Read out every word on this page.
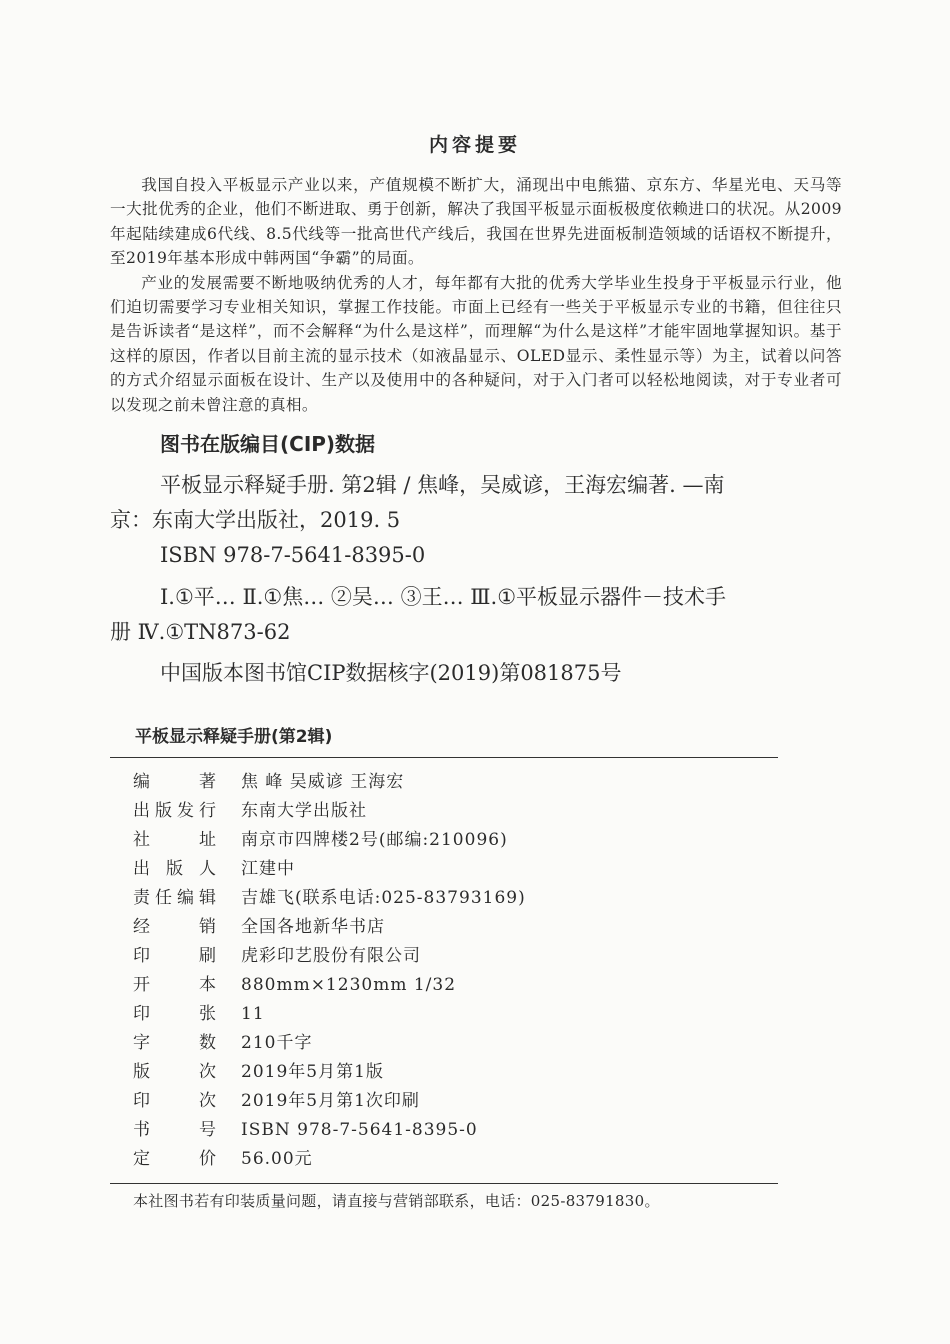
内容提要

我国自投入平板显示产业以来，产值规模不断扩大，涌现出中电熊猫、京东方、华星光电、天马等一大批优秀的企业，他们不断进取、勇于创新，解决了我国平板显示面板极度依赖进口的状况。从2009年起陆续建成6代线、8.5代线等一批高世代产线后，我国在世界先进面板制造领域的话语权不断提升，至2019年基本形成中韩两国“争霸”的局面。

产业的发展需要不断地吸纳优秀的人才，每年都有大批的优秀大学毕业生投身于平板显示行业，他们迫切需要学习专业相关知识，掌握工作技能。市面上已经有一些关于平板显示专业的书籍，但往往只是告诉读者“是这样”，而不会解释“为什么是这样”，而理解“为什么是这样”才能牢固地掌握知识。基于这样的原因，作者以目前主流的显示技术（如液晶显示、OLED显示、柔性显示等）为主，试着以问答的方式介绍显示面板在设计、生产以及使用中的各种疑问，对于入门者可以轻松地阅读，对于专业者可以发现之前未曾注意的真相。

图书在版编目(CIP)数据

平板显示释疑手册. 第2辑 / 焦峰，吴威谚，王海宏编著. —南京：东南大学出版社，2019. 5

ISBN 978-7-5641-8395-0

Ⅰ.①平… Ⅱ.①焦… ②吴… ③王… Ⅲ.①平板显示器件－技术手册 Ⅳ.①TN873-62

中国版本图书馆CIP数据核字(2019)第081875号
平板显示释疑手册(第2辑)
编著 焦 峰 吴威谚 王海宏
出版发行 东南大学出版社
社址 南京市四牌楼2号(邮编:210096)
出版人 江建中
责任编辑 吉雄飞(联系电话:025-83793169)
经销 全国各地新华书店
印刷 虎彩印艺股份有限公司
开本 880mm×1230mm 1/32
印张 11
字数 210千字
版次 2019年5月第1版
印次 2019年5月第1次印刷
书号 ISBN 978-7-5641-8395-0
定价 56.00元
本社图书若有印装质量问题，请直接与营销部联系，电话：025-83791830。
